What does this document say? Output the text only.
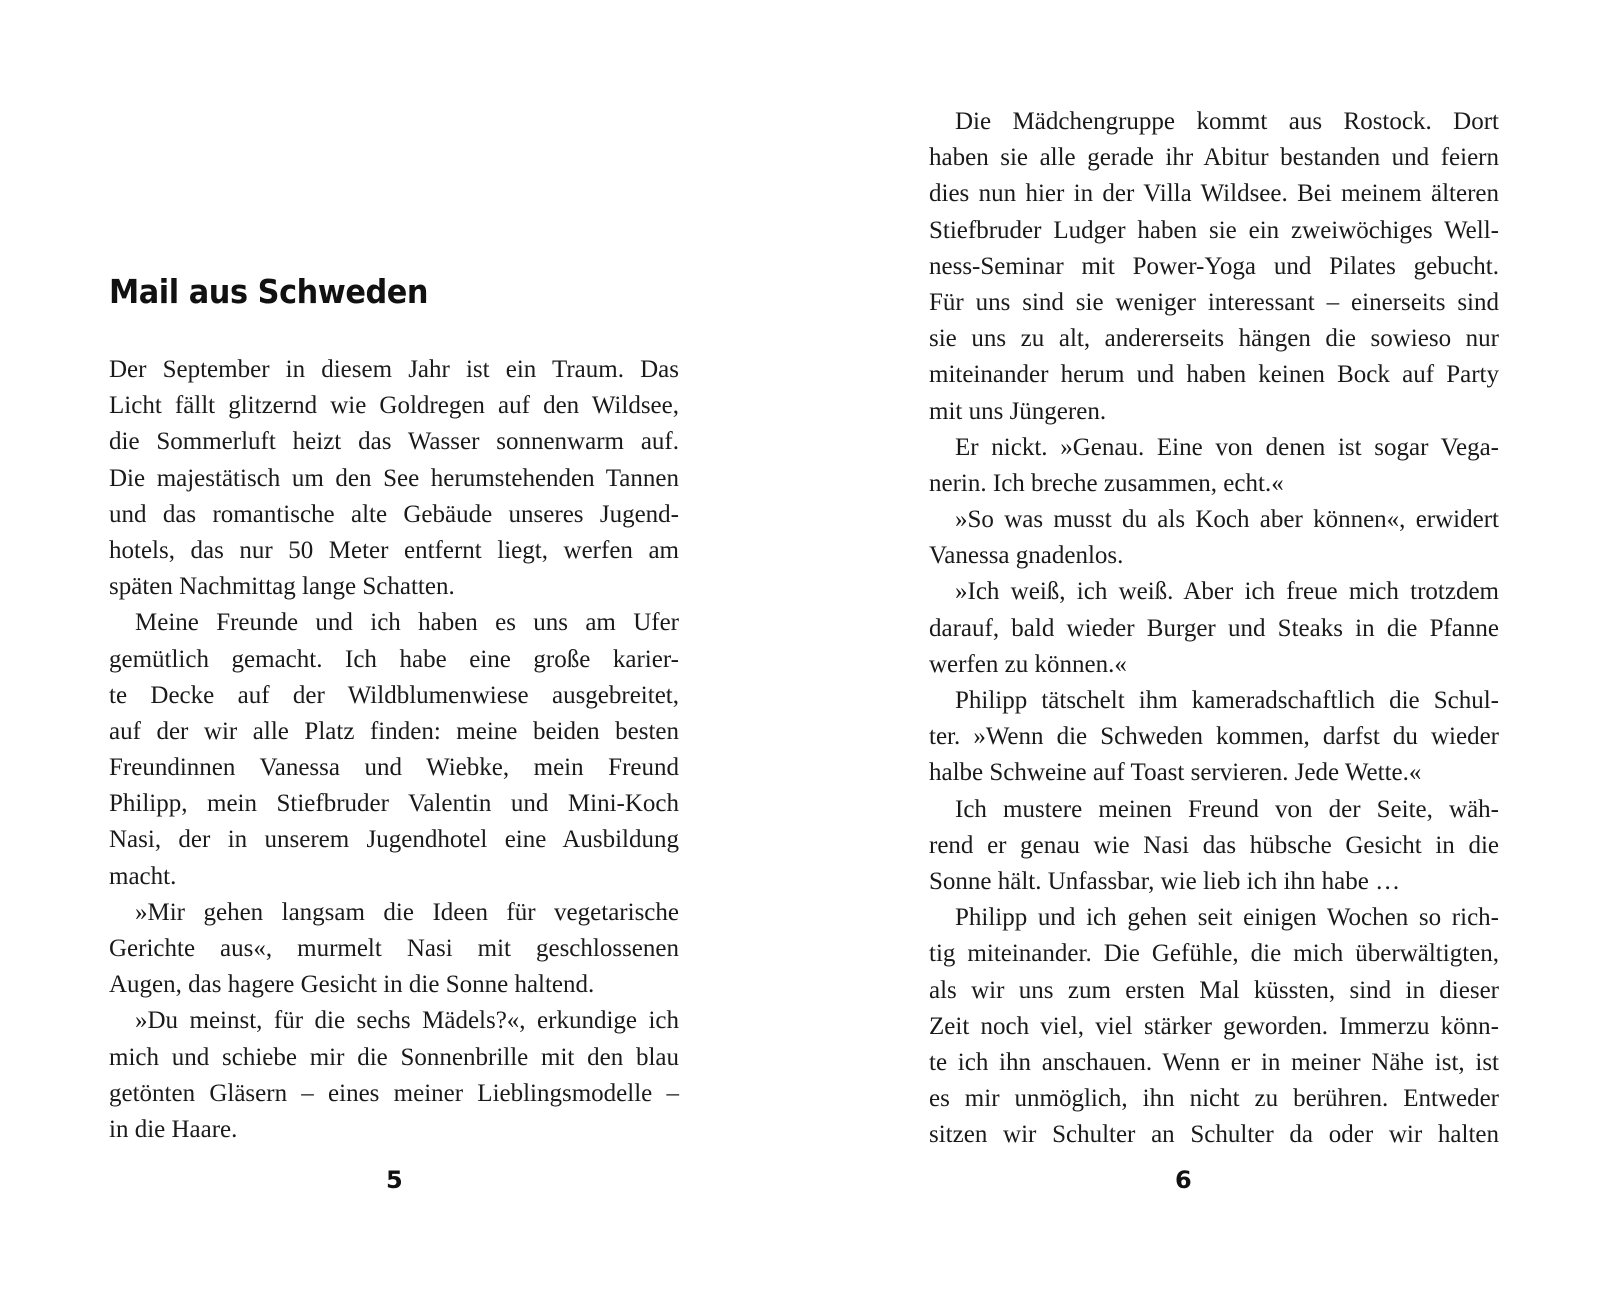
Mail aus Schweden
Der September in diesem Jahr ist ein Traum. Das
Licht fällt glitzernd wie Goldregen auf den Wildsee,
die Sommerluft heizt das Wasser sonnenwarm auf.
Die majestätisch um den See herumstehenden Tannen
und das romantische alte Gebäude unseres Jugend-
hotels, das nur 50 Meter entfernt liegt, werfen am
späten Nachmittag lange Schatten.
Meine Freunde und ich haben es uns am Ufer
gemütlich gemacht. Ich habe eine große karier-
te Decke auf der Wildblumenwiese ausgebreitet,
auf der wir alle Platz finden: meine beiden besten
Freundinnen Vanessa und Wiebke, mein Freund
Philipp, mein Stiefbruder Valentin und Mini-Koch
Nasi, der in unserem Jugendhotel eine Ausbildung
macht.
»Mir gehen langsam die Ideen für vegetarische
Gerichte aus«, murmelt Nasi mit geschlossenen
Augen, das hagere Gesicht in die Sonne haltend.
»Du meinst, für die sechs Mädels?«, erkundige ich
mich und schiebe mir die Sonnenbrille mit den blau
getönten Gläsern – eines meiner Lieblingsmodelle –
in die Haare.
5
Die Mädchengruppe kommt aus Rostock. Dort
haben sie alle gerade ihr Abitur bestanden und feiern
dies nun hier in der Villa Wildsee. Bei meinem älteren
Stiefbruder Ludger haben sie ein zweiwöchiges Well-
ness-Seminar mit Power-Yoga und Pilates gebucht.
Für uns sind sie weniger interessant – einerseits sind
sie uns zu alt, andererseits hängen die sowieso nur
miteinander herum und haben keinen Bock auf Party
mit uns Jüngeren.
Er nickt. »Genau. Eine von denen ist sogar Vega-
nerin. Ich breche zusammen, echt.«
»So was musst du als Koch aber können«, erwidert
Vanessa gnadenlos.
»Ich weiß, ich weiß. Aber ich freue mich trotzdem
darauf, bald wieder Burger und Steaks in die Pfanne
werfen zu können.«
Philipp tätschelt ihm kameradschaftlich die Schul-
ter. »Wenn die Schweden kommen, darfst du wieder
halbe Schweine auf Toast servieren. Jede Wette.«
Ich mustere meinen Freund von der Seite, wäh-
rend er genau wie Nasi das hübsche Gesicht in die
Sonne hält. Unfassbar, wie lieb ich ihn habe …
Philipp und ich gehen seit einigen Wochen so rich-
tig miteinander. Die Gefühle, die mich überwältigten,
als wir uns zum ersten Mal küssten, sind in dieser
Zeit noch viel, viel stärker geworden. Immerzu könn-
te ich ihn anschauen. Wenn er in meiner Nähe ist, ist
es mir unmöglich, ihn nicht zu berühren. Entweder
sitzen wir Schulter an Schulter da oder wir halten
6
